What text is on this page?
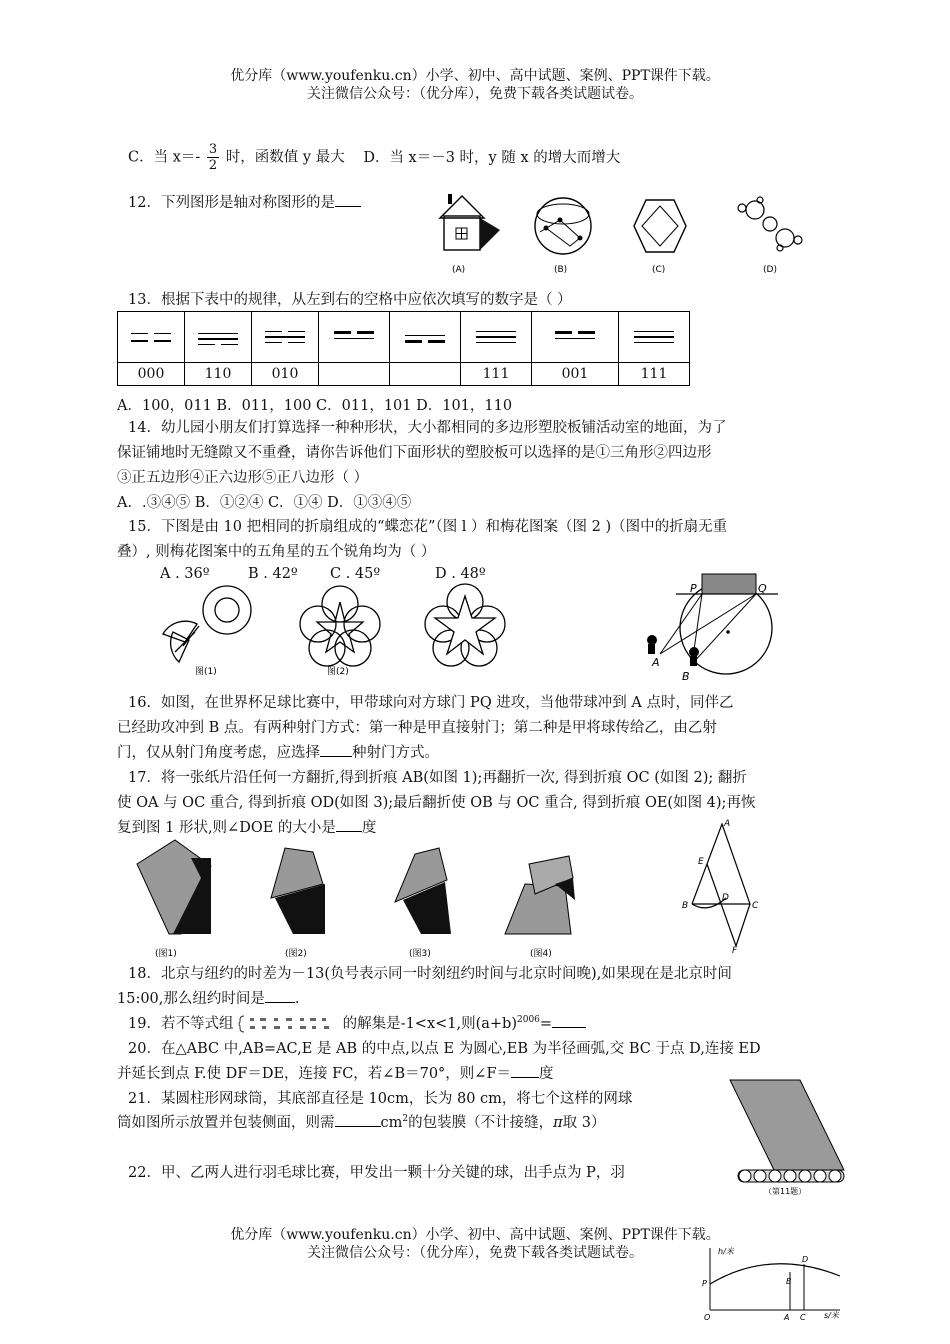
优分库（www.youfenku.cn）小学、初中、高中试题、案例、PPT课件下载。
关注微信公众号：（优分库），免费下载各类试题试卷。
C．当 $x=- \frac{3}{2}$ 时，函数值 y 最大 D．当 x＝－3 时，y 随 x 的增大而增大
12．下列图形是轴对称图形的是
(A)	(B)	(C)	(D)
13．根据下表中的规律，从左到右的空格中应依次填写的数字是（ ）

000	110	010			111	001	111
A．100，011 B．011，100 C．011，101 D．101，110
14．幼儿园小朋友们打算选择一种种形状，大小都相同的多边形塑胶板铺活动室的地面，为了
保证铺地时无缝隙又不重叠，请你告诉他们下面形状的塑胶板可以选择的是①三角形②四边形
③正五边形④正六边形⑤正八边形（ ）
A．.③④⑤ B．①②④ C．①④ D．①③④⑤
15．下图是由 10 把相同的折扇组成的“蝶恋花”（图 l ）和梅花图案（图 2 )（图中的折扇无重
叠）, 则梅花图案中的五角星的五个锐角均为（ ）
A . 36º	B . 42º C . 45º	D . 48º
图(1)	图(2)
P	Q
A
B
16．如图，在世界杯足球比赛中，甲带球向对方球门 PQ 进攻，当他带球冲到 A 点时，同伴乙
已经助攻冲到 B 点。有两种射门方式：第一种是甲直接射门；第二种是甲将球传给乙，由乙射
门，仅从射门角度考虑，应选择 种射门方式。
17．将一张纸片沿任何一方翻折,得到折痕 AB(如图 1);再翻折一次, 得到折痕 OC (如图 2); 翻折
使 OA 与 OC 重合, 得到折痕 OD(如图 3);最后翻折使 OB 与 OC 重合, 得到折痕 OE(如图 4);再恢
复到图 1 形状,则∠DOE 的大小是 度
(图1)	(图2)	(图3)	(图4)
A
E
B
D
C
F
18．北京与纽约的时差为－13(负号表示同一时刻纽约时间与北京时间晚),如果现在是北京时间
15:00,那么纽约时间是 .
19．若不等式组	的解集是-1<x<1,则$(a+b)^{2006}=$
20．在△ABC 中,AB=AC,E 是 AB 的中点,以点 E 为圆心,EB 为半径画弧,交 BC 于点 D,连接 ED
并延长到点 F.使 DF＝DE，连接 FC，若∠B＝70°，则∠F＝ 度
21．某圆柱形网球筒，其底部直径是 10cm，长为 80 cm，将七个这样的网球
筒如图所示放置并包装侧面，则需	$cm^2$的包装膜（不计接缝，π取 3）
（第11题）
22．甲、乙两人进行羽毛球比赛，甲发出一颗十分关键的球，出手点为 P，羽
优分库（www.youfenku.cn）小学、初中、高中试题、案例、PPT课件下载。
关注微信公众号：（优分库），免费下载各类试题试卷。	h/米
s/米
P
O	A
B
C
D
